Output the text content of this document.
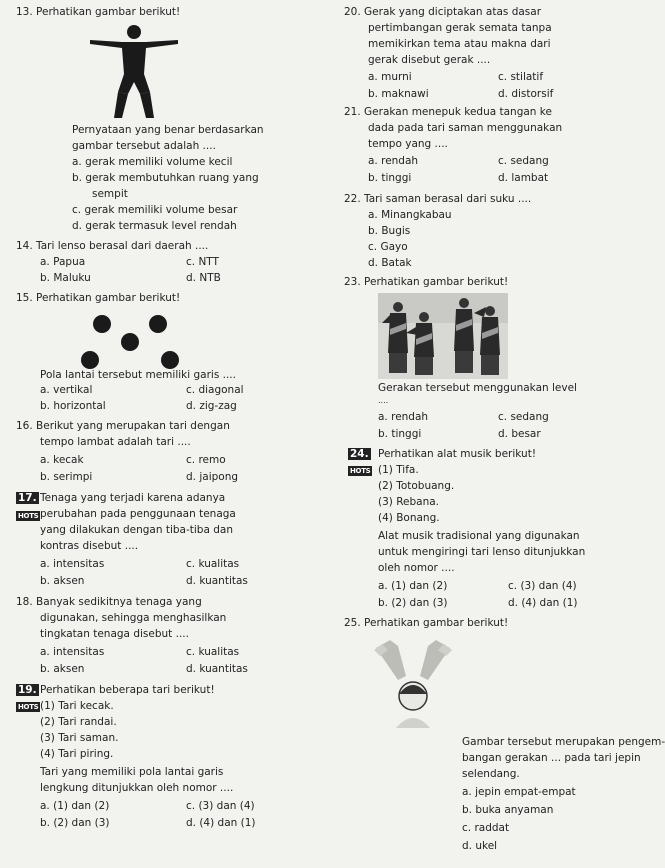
13. Perhatikan gambar berikut!
Pernyataan yang benar berdasarkan
gambar tersebut adalah ....
a. gerak memiliki volume kecil
b. gerak membutuhkan ruang yang
sempit
c. gerak memiliki volume besar
d. gerak termasuk level rendah
14. Tari lenso berasal dari daerah ....
a. Papua	c. NTT
b. Maluku	d. NTB
15. Perhatikan gambar berikut!
Pola lantai tersebut memiliki garis ....
a. vertikal	c. diagonal
b. horizontal	d. zig-zag
16. Berikut yang merupakan tari dengan
tempo lambat adalah tari ....
a. kecak	c. remo
b. serimpi	d. jaipong
17.
HOTS
Tenaga yang terjadi karena adanya
perubahan pada penggunaan tenaga
yang dilakukan dengan tiba-tiba dan
kontras disebut ....
a. intensitas	c. kualitas
b. aksen	d. kuantitas
18. Banyak sedikitnya tenaga yang
digunakan, sehingga menghasilkan
tingkatan tenaga disebut ....
a. intensitas	c. kualitas
b. aksen	d. kuantitas
19.
HOTS
Perhatikan beberapa tari berikut!
(1) Tari kecak.
(2) Tari randai.
(3) Tari saman.
(4) Tari piring.
Tari yang memiliki pola lantai garis
lengkung ditunjukkan oleh nomor ....
a. (1) dan (2)	c. (3) dan (4)
b. (2) dan (3)	d. (4) dan (1)
20. Gerak yang diciptakan atas dasar
pertimbangan gerak semata tanpa
memikirkan tema atau makna dari
gerak disebut gerak ....
a. murni	c. stilatif
b. maknawi	d. distorsif
21. Gerakan menepuk kedua tangan ke
dada pada tari saman menggunakan
tempo yang ....
a. rendah	c. sedang
b. tinggi	d. lambat
22. Tari saman berasal dari suku ....
a. Minangkabau
b. Bugis
c. Gayo
d. Batak
23. Perhatikan gambar berikut!
Gerakan tersebut menggunakan level
....
a. rendah	c. sedang
b. tinggi	d. besar
24.
HOTS
Perhatikan alat musik berikut!
(1) Tifa.
(2) Totobuang.
(3) Rebana.
(4) Bonang.
Alat musik tradisional yang digunakan
untuk mengiringi tari lenso ditunjukkan
oleh nomor ....
a. (1) dan (2)	c. (3) dan (4)
b. (2) dan (3)	d. (4) dan (1)
25. Perhatikan gambar berikut!
Gambar tersebut merupakan pengem-
bangan gerakan ... pada tari jepin
selendang.
a. jepin empat-empat
b. buka anyaman
c. raddat
d. ukel
